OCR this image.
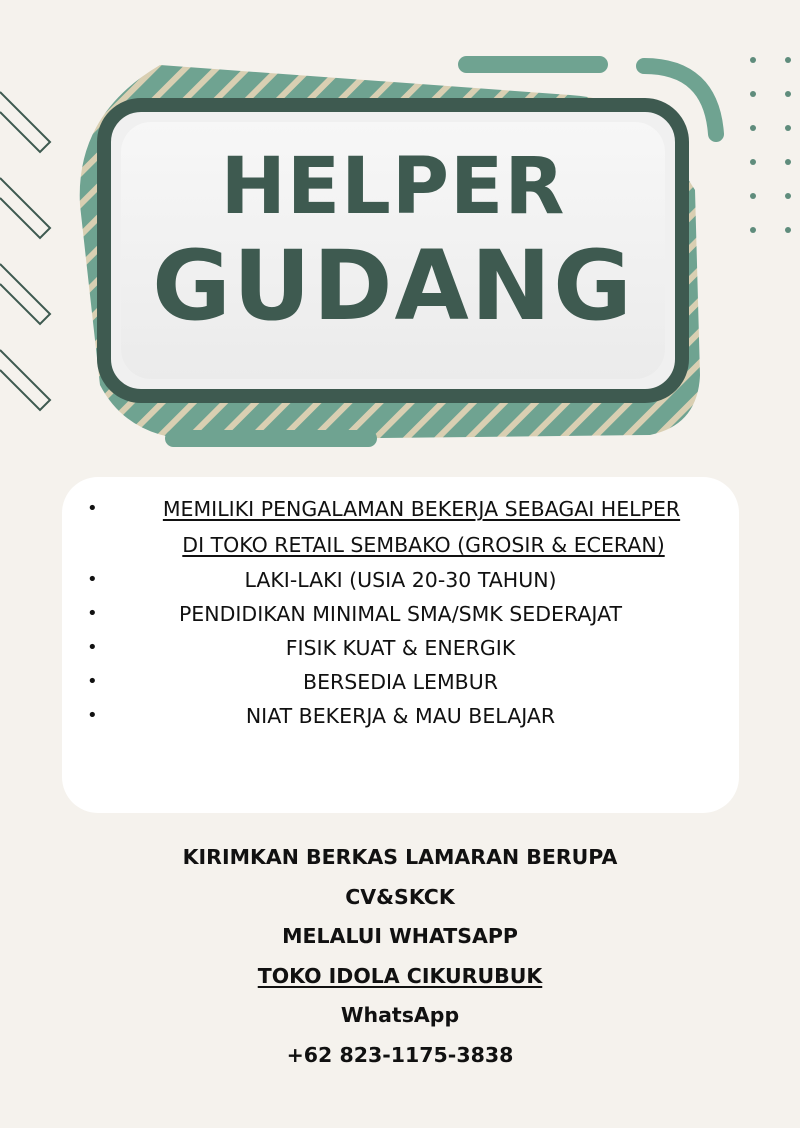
HELPER
GUDANG
•	MEMILIKI PENGALAMAN BEKERJA SEBAGAI HELPER
DI TOKO RETAIL SEMBAKO (GROSIR & ECERAN)
•	LAKI-LAKI (USIA 20-30 TAHUN)
•	PENDIDIKAN MINIMAL SMA/SMK SEDERAJAT
•	FISIK KUAT & ENERGIK
•	BERSEDIA LEMBUR
•	NIAT BEKERJA & MAU BELAJAR

KIRIMKAN BERKAS LAMARAN BERUPA

CV&SKCK

MELALUI WHATSAPP

TOKO IDOLA CIKURUBUK

WhatsApp

+62 823-1175-3838
